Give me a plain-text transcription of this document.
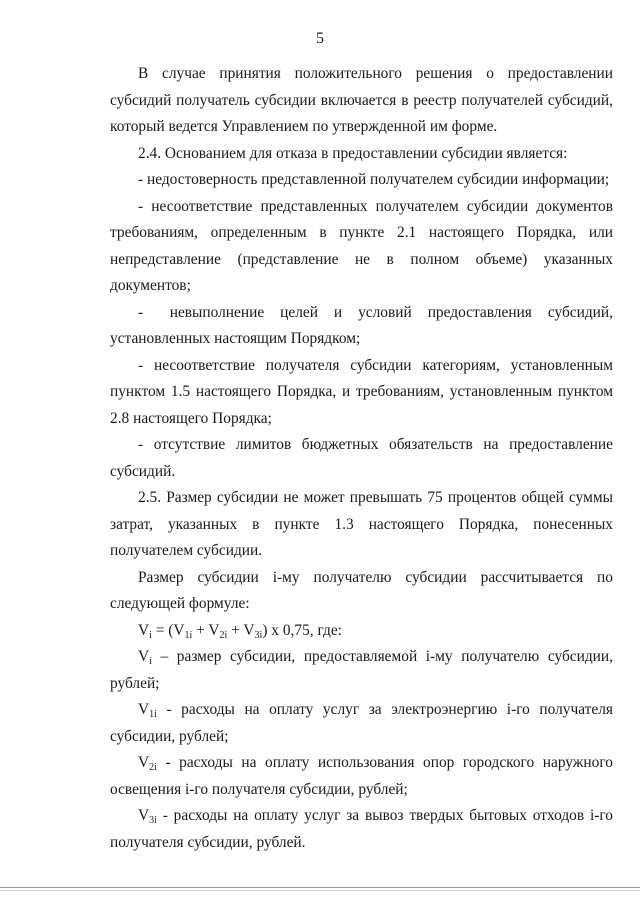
5

В случае принятия положительного решения о предоставлении субсидий получатель субсидии включается в реестр получателей субсидий, который ведется Управлением по утвержденной им форме.

2.4. Основанием для отказа в предоставлении субсидии является:

- недостоверность представленной получателем субсидии информации;

- несоответствие представленных получателем субсидии документов требованиям, определенным в пункте 2.1 настоящего Порядка, или непредставление (представление не в полном объеме) указанных документов;

-     невыполнение   целей   и   условий   предоставления   субсидий,

установленных настоящим Порядком;

- несоответствие получателя субсидии категориям, установленным пунктом 1.5 настоящего Порядка, и требованиям, установленным пунктом 2.8 настоящего Порядка;

- отсутствие лимитов бюджетных обязательств на предоставление субсидий.

2.5. Размер субсидии не может превышать 75 процентов общей суммы затрат, указанных в пункте 1.3 настоящего Порядка, понесенных получателем субсидии.

Размер субсидии i-му получателю субсидии рассчитывается по следующей формуле:

$V_i = (V_{1i} + V_{2i} + V_{3i})$ x 0,75, где:

$V_i$ – размер субсидии, предоставляемой i-му получателю субсидии, рублей;

$V_{1i}$ - расходы на оплату услуг за электроэнергию i-го получателя субсидии, рублей;

$V_{2i}$ - расходы на оплату использования опор городского наружного освещения i-го получателя субсидии, рублей;

$V_{3i}$ - расходы на оплату услуг за вывоз твердых бытовых отходов i-го получателя субсидии, рублей.
